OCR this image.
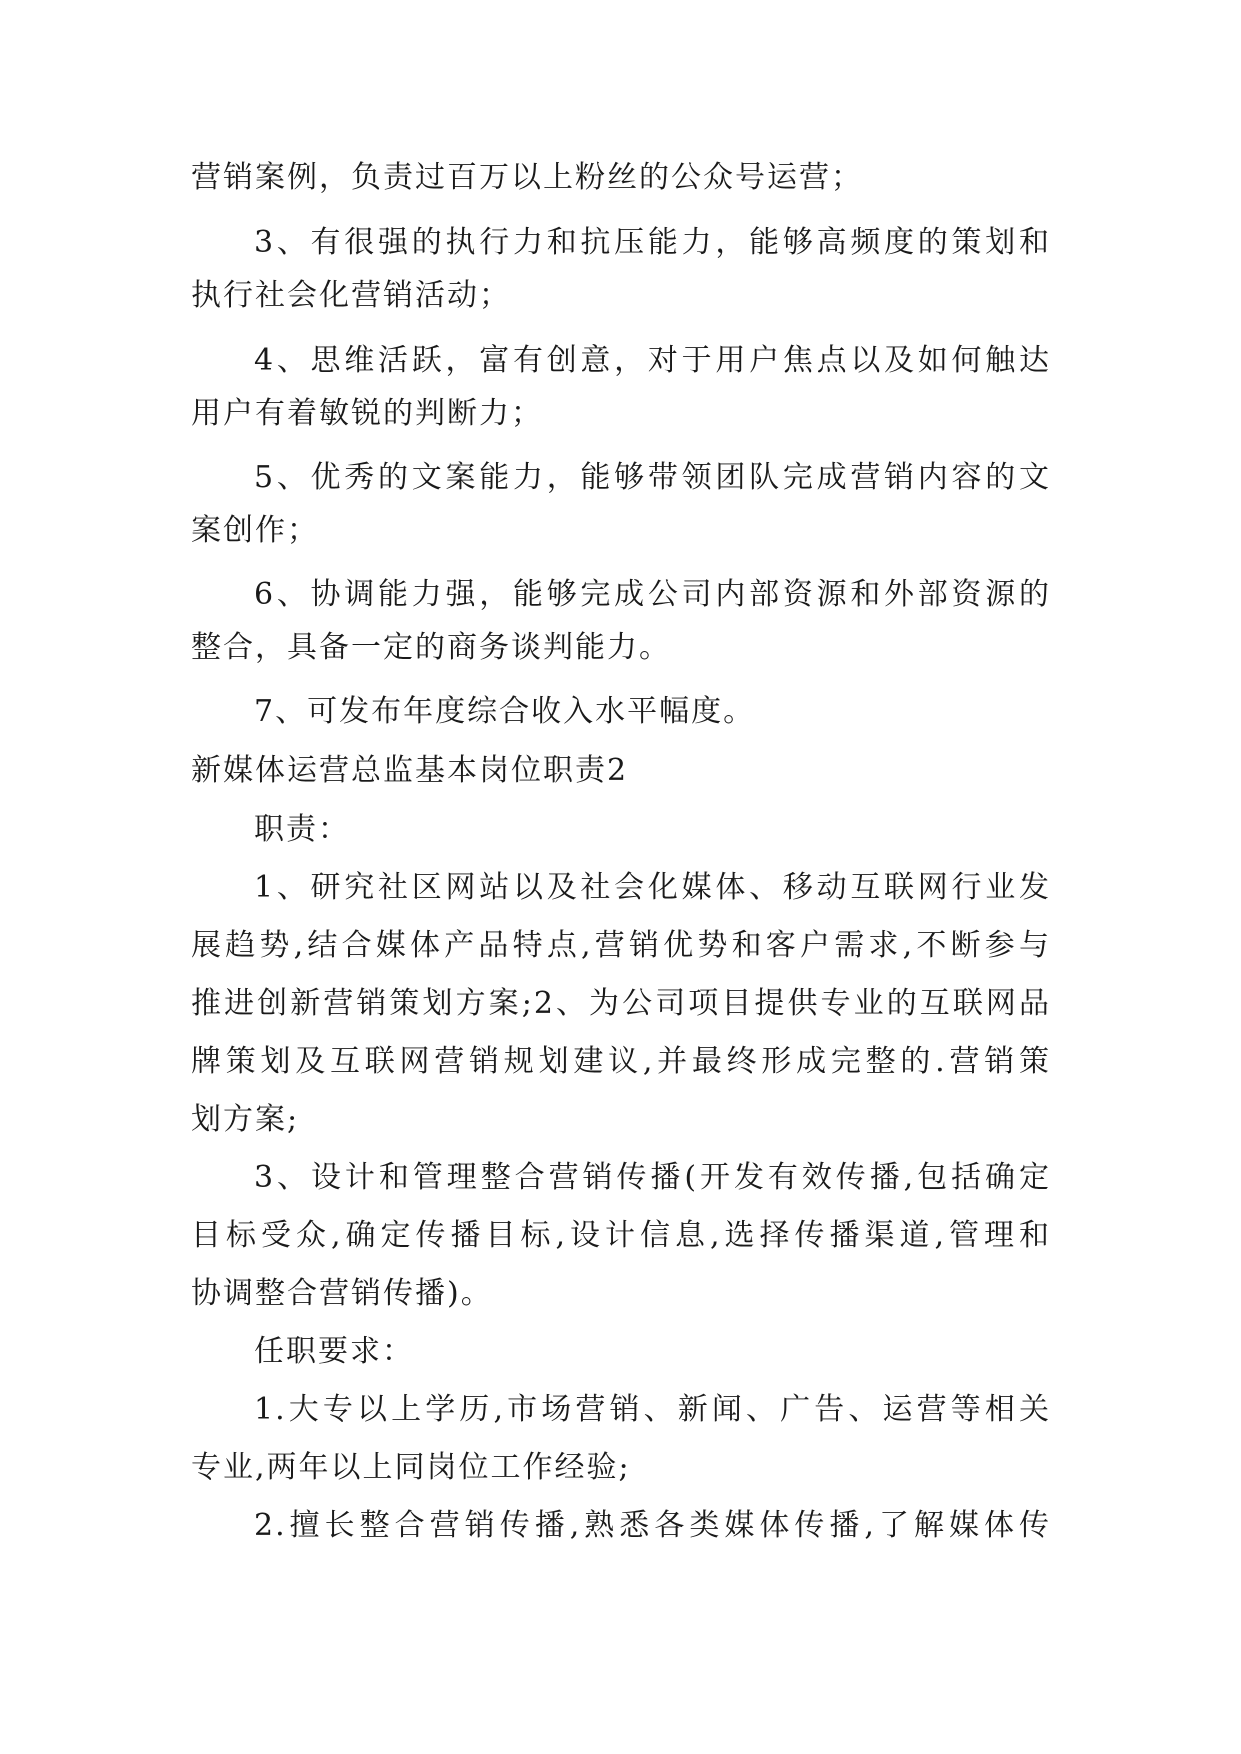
营销案例，负责过百万以上粉丝的公众号运营；
3、有很强的执行力和抗压能力，能够高频度的策划和
执行社会化营销活动；
4、思维活跃，富有创意，对于用户焦点以及如何触达
用户有着敏锐的判断力；
5、优秀的文案能力，能够带领团队完成营销内容的文
案创作；
6、协调能力强，能够完成公司内部资源和外部资源的
整合，具备一定的商务谈判能力。
7、可发布年度综合收入水平幅度。
新媒体运营总监基本岗位职责2
职责：
1、研究社区网站以及社会化媒体、移动互联网行业发
展趋势,结合媒体产品特点,营销优势和客户需求,不断参与
推进创新营销策划方案;2、为公司项目提供专业的互联网品
牌策划及互联网营销规划建议,并最终形成完整的.营销策
划方案;
3、设计和管理整合营销传播(开发有效传播,包括确定
目标受众,确定传播目标,设计信息,选择传播渠道,管理和
协调整合营销传播)。
任职要求：
1.大专以上学历,市场营销、新闻、广告、运营等相关
专业,两年以上同岗位工作经验;
2.擅长整合营销传播,熟悉各类媒体传播,了解媒体传
